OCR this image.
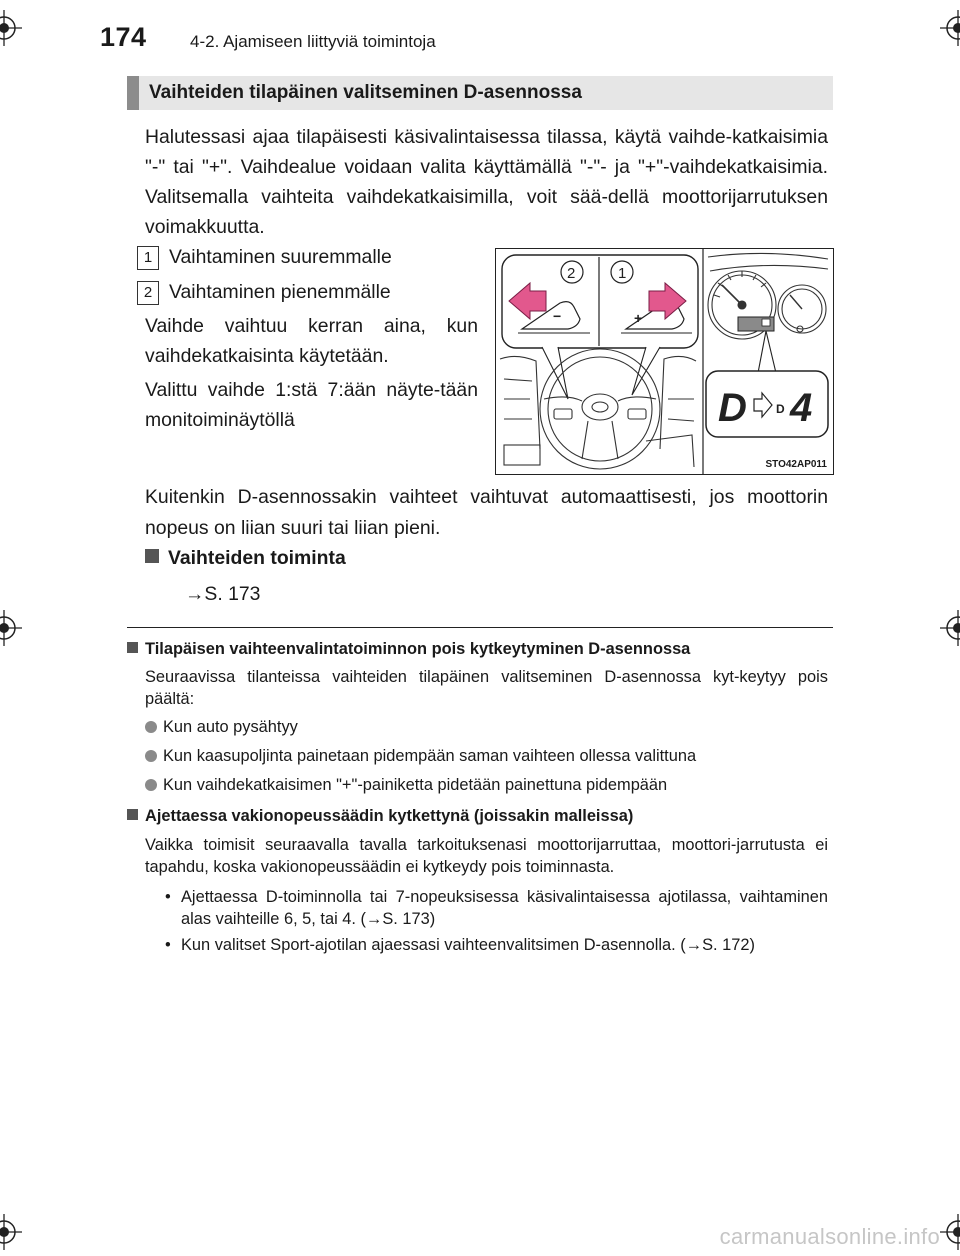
174	4-2. Ajamiseen liittyviä toimintoja
Vaihteiden tilapäinen valitseminen D-asennossa

Halutessasi ajaa tilapäisesti käsivalintaisessa tilassa, käytä vaihde-katkaisimia "-" tai "+". Vaihdealue voidaan valita käyttämällä "-"- ja "+"-vaihdekatkaisimia. Valitsemalla vaihteita vaihdekatkaisimilla, voit sää-dellä moottorijarrutuksen voimakkuutta.

1 Vaihtaminen suuremmalle
2 Vaihtaminen pienemmälle

Vaihde vaihtuu kerran aina, kun vaihdekatkaisinta käytetään.

Valittu vaihde 1:stä 7:ään näyte-tään monitoiminäytöllä

−	+
2	1
D D 4
STO42AP011

Kuitenkin D-asennossakin vaihteet vaihtuvat automaattisesti, jos moottorin nopeus on liian suuri tai liian pieni.

Vaihteiden toiminta
→S. 173
Tilapäisen vaihteenvalintatoiminnon pois kytkeytyminen D-asennossa

Seuraavissa tilanteissa vaihteiden tilapäinen valitseminen D-asennossa kyt-keytyy pois päältä:

Kun auto pysähtyy
Kun kaasupoljinta painetaan pidempään saman vaihteen ollessa valittuna
Kun vaihdekatkaisimen "+"-painiketta pidetään painettuna pidempään
Ajettaessa vakionopeussäädin kytkettynä (joissakin malleissa)

Vaikka toimisit seuraavalla tavalla tarkoituksenasi moottorijarruttaa, moottori-jarrutusta ei tapahdu, koska vakionopeussäädin ei kytkeydy pois toiminnasta.

• Ajettaessa D-toiminnolla tai 7-nopeuksisessa käsivalintaisessa ajotilassa, vaihtaminen alas vaihteille 6, 5, tai 4. (→S. 173)
• Kun valitset Sport-ajotilan ajaessasi vaihteenvalitsimen D-asennolla. (→S. 172)
carmanualsonline.info
